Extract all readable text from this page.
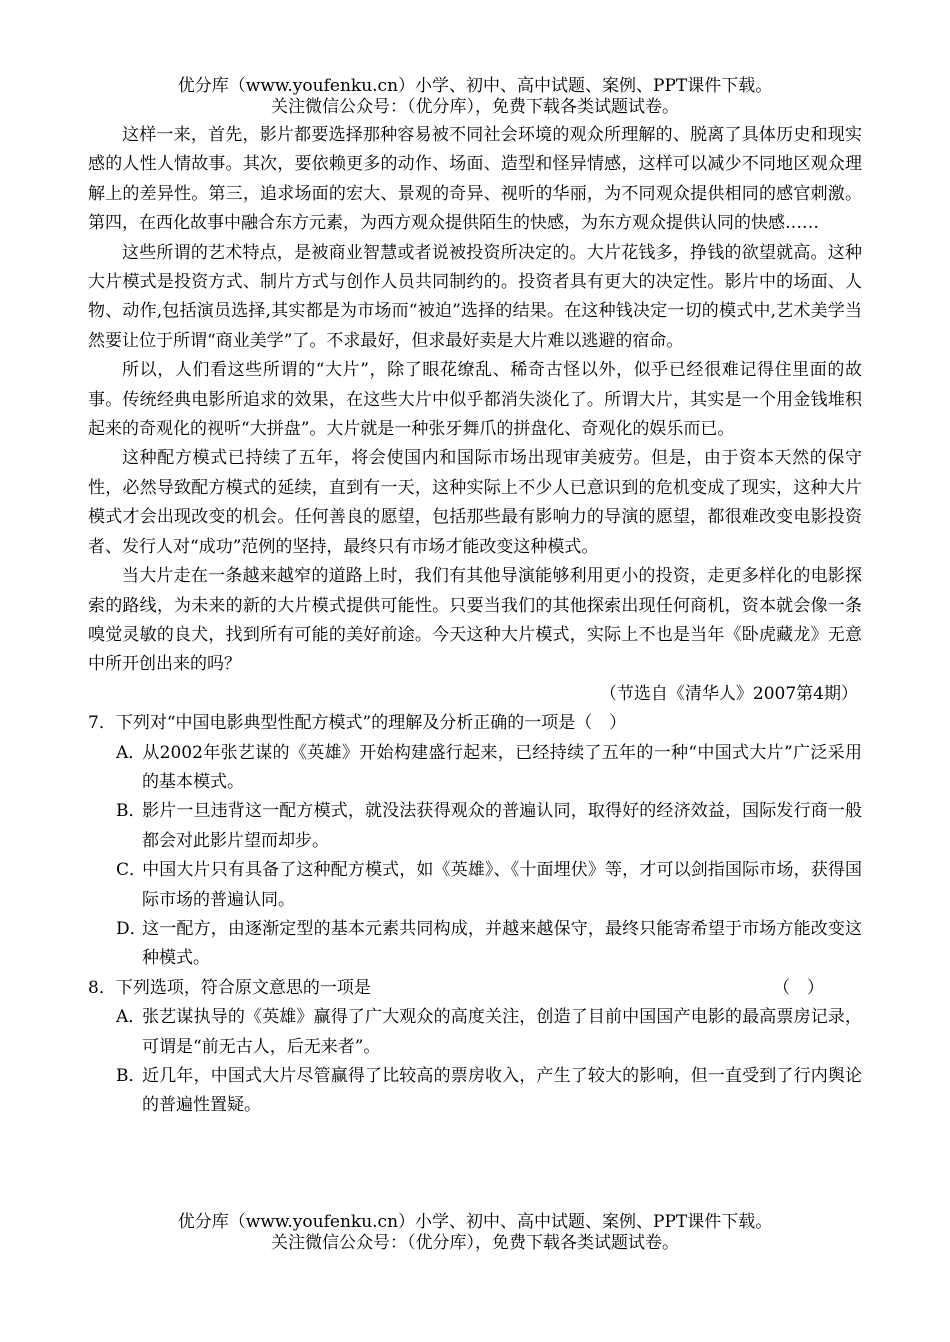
优分库（www.youfenku.cn）小学、初中、高中试题、案例、PPT课件下载。
关注微信公众号：（优分库），免费下载各类试题试卷。

这样一来，首先，影片都要选择那种容易被不同社会环境的观众所理解的、脱离了具体历史和现实感的人性人情故事。其次，要依赖更多的动作、场面、造型和怪异情感，这样可以减少不同地区观众理解上的差异性。第三，追求场面的宏大、景观的奇异、视听的华丽，为不同观众提供相同的感官刺激。第四，在西化故事中融合东方元素，为西方观众提供陌生的快感，为东方观众提供认同的快感……

这些所谓的艺术特点，是被商业智慧或者说被投资所决定的。大片花钱多，挣钱的欲望就高。这种大片模式是投资方式、制片方式与创作人员共同制约的。投资者具有更大的决定性。影片中的场面、人物、动作,包括演员选择,其实都是为市场而“被迫”选择的结果。在这种钱决定一切的模式中,艺术美学当然要让位于所谓“商业美学”了。不求最好，但求最好卖是大片难以逃避的宿命。

所以，人们看这些所谓的“大片”，除了眼花缭乱、稀奇古怪以外，似乎已经很难记得住里面的故事。传统经典电影所追求的效果，在这些大片中似乎都消失淡化了。所谓大片，其实是一个用金钱堆积起来的奇观化的视听“大拼盘”。大片就是一种张牙舞爪的拼盘化、奇观化的娱乐而已。

这种配方模式已持续了五年，将会使国内和国际市场出现审美疲劳。但是，由于资本天然的保守性，必然导致配方模式的延续，直到有一天，这种实际上不少人已意识到的危机变成了现实，这种大片模式才会出现改变的机会。任何善良的愿望，包括那些最有影响力的导演的愿望，都很难改变电影投资者、发行人对“成功”范例的坚持，最终只有市场才能改变这种模式。

当大片走在一条越来越窄的道路上时，我们有其他导演能够利用更小的投资，走更多样化的电影探索的路线，为未来的新的大片模式提供可能性。只要当我们的其他探索出现任何商机，资本就会像一条嗅觉灵敏的良犬，找到所有可能的美好前途。今天这种大片模式，实际上不也是当年《卧虎藏龙》无意中所开创出来的吗？

（节选自《清华人》2007第4期）

7．下列对“中国电影典型性配方模式”的理解及分析正确的一项是（　）

A．从2002年张艺谋的《英雄》开始构建盛行起来，已经持续了五年的一种“中国式大片”广泛采用的基本模式。

B．影片一旦违背这一配方模式，就没法获得观众的普遍认同，取得好的经济效益，国际发行商一般都会对此影片望而却步。

C．中国大片只有具备了这种配方模式，如《英雄》、《十面埋伏》等，才可以剑指国际市场，获得国际市场的普遍认同。

D．这一配方，由逐渐定型的基本元素共同构成，并越来越保守，最终只能寄希望于市场方能改变这种模式。

8．下列选项，符合原文意思的一项是	（　）

A．张艺谋执导的《英雄》赢得了广大观众的高度关注，创造了目前中国国产电影的最高票房记录，可谓是“前无古人，后无来者”。

B．近几年，中国式大片尽管赢得了比较高的票房收入，产生了较大的影响，但一直受到了行内舆论的普遍性置疑。

优分库（www.youfenku.cn）小学、初中、高中试题、案例、PPT课件下载。
关注微信公众号：（优分库），免费下载各类试题试卷。
